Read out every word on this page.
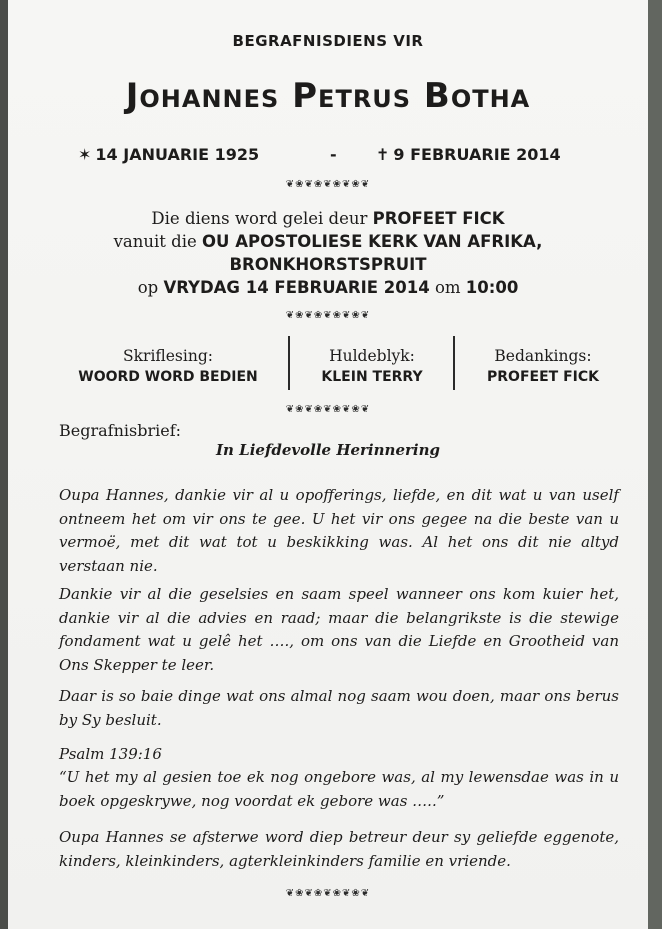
BEGRAFNISDIENS VIR
Johannes Petrus Botha
✶ 14 JANUARIE 1925	- ✝ 9 FEBRUARIE 2014
❦❀❦❀❦❀❦❀❦
Die diens word gelei deur PROFEET FICK
vanuit die OU APOSTOLIESE KERK VAN AFRIKA,
BRONKHORSTSPRUIT
op VRYDAG 14 FEBRUARIE 2014 om 10:00
❦❀❦❀❦❀❦❀❦
Skriflesing:
WOORD WORD BEDIEN
Huldeblyk:
KLEIN TERRY
Bedankings:
PROFEET FICK
❦❀❦❀❦❀❦❀❦
Begrafnisbrief:
In Liefdevolle Herinnering
Oupa Hannes, dankie vir al u opofferings, liefde, en dit wat u van uself ontneem het om vir ons te gee. U het vir ons gegee na die beste van u vermoë, met dit wat tot u beskikking was. Al het ons dit nie altyd verstaan nie.
Dankie vir al die geselsies en saam speel wanneer ons kom kuier het, dankie vir al die advies en raad; maar die belangrikste is die stewige fondament wat u gelê het …., om ons van die Liefde en Grootheid van Ons Skepper te leer.
Daar is so baie dinge wat ons almal nog saam wou doen, maar ons berus by Sy besluit.
Psalm 139:16
“U het my al gesien toe ek nog ongebore was, al my lewensdae was in u boek opgeskrywe, nog voordat ek gebore was …..”
Oupa Hannes se afsterwe word diep betreur deur sy geliefde eggenote, kinders, kleinkinders, agterkleinkinders familie en vriende.
❦❀❦❀❦❀❦❀❦
